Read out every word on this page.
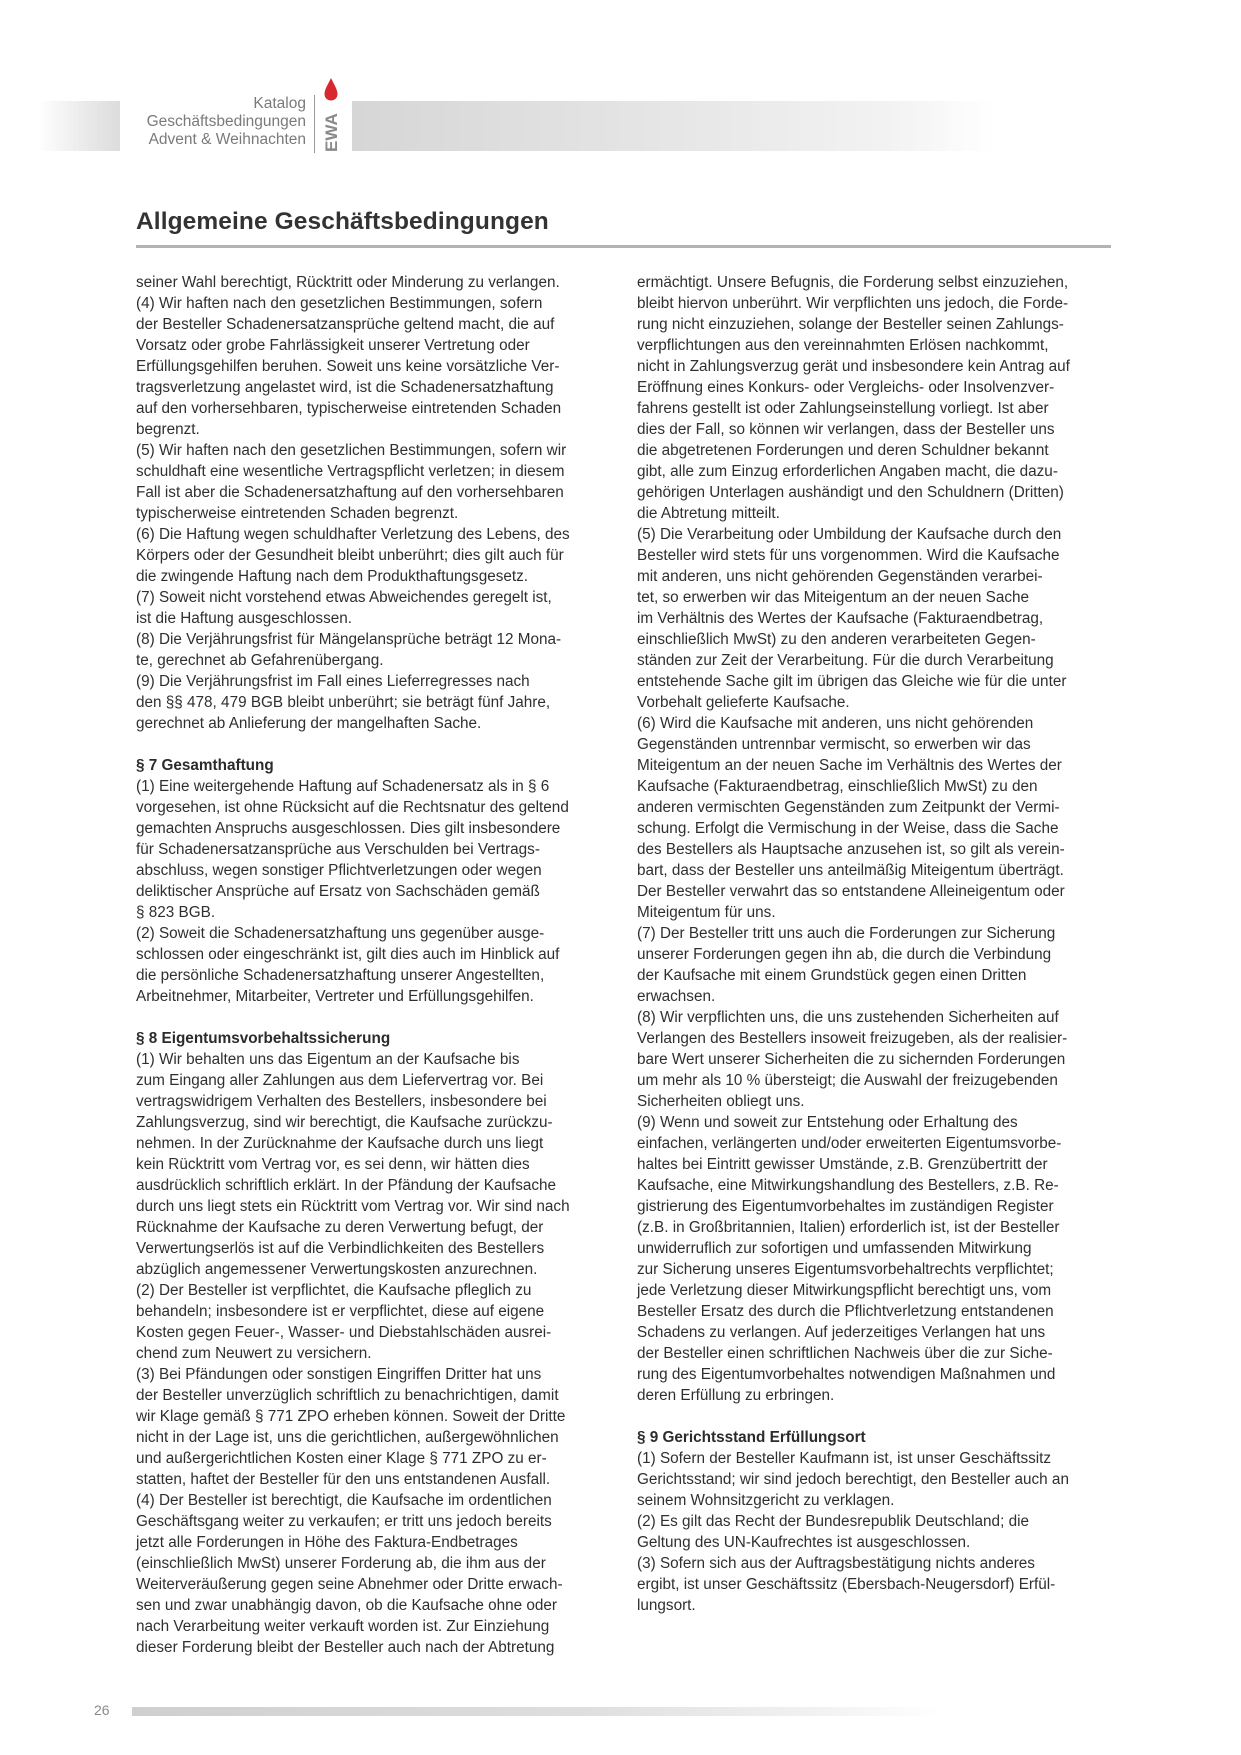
Katalog
Geschäftsbedingungen
Advent & Weihnachten EWA
Allgemeine Geschäftsbedingungen

seiner Wahl berechtigt, Rücktritt oder Minderung zu verlangen.

(4) Wir haften nach den gesetzlichen Bestimmungen, sofern

der Besteller Schadenersatzansprüche geltend macht, die auf

Vorsatz oder grobe Fahrlässigkeit unserer Vertretung oder

Erfüllungsgehilfen beruhen. Soweit uns keine vorsätzliche Ver-

tragsverletzung angelastet wird, ist die Schadenersatzhaftung

auf den vorhersehbaren, typischerweise eintretenden Schaden

begrenzt.

(5) Wir haften nach den gesetzlichen Bestimmungen, sofern wir

schuldhaft eine wesentliche Vertragspflicht verletzen; in diesem

Fall ist aber die Schadenersatzhaftung auf den vorhersehbaren

typischerweise eintretenden Schaden begrenzt.

(6) Die Haftung wegen schuldhafter Verletzung des Lebens, des

Körpers oder der Gesundheit bleibt unberührt; dies gilt auch für

die zwingende Haftung nach dem Produkthaftungsgesetz.

(7) Soweit nicht vorstehend etwas Abweichendes geregelt ist,

ist die Haftung ausgeschlossen.

(8) Die Verjährungsfrist für Mängelansprüche beträgt 12 Mona-

te, gerechnet ab Gefahrenübergang.

(9) Die Verjährungsfrist im Fall eines Lieferregresses nach

den §§ 478, 479 BGB bleibt unberührt; sie beträgt fünf Jahre,

gerechnet ab Anlieferung der mangelhaften Sache.

§ 7 Gesamthaftung

(1) Eine weitergehende Haftung auf Schadenersatz als in § 6

vorgesehen, ist ohne Rücksicht auf die Rechtsnatur des geltend

gemachten Anspruchs ausgeschlossen. Dies gilt insbesondere

für Schadenersatzansprüche aus Verschulden bei Vertrags-

abschluss, wegen sonstiger Pflichtverletzungen oder wegen

deliktischer Ansprüche auf Ersatz von Sachschäden gemäß

§ 823 BGB.

(2) Soweit die Schadenersatzhaftung uns gegenüber ausge-

schlossen oder eingeschränkt ist, gilt dies auch im Hinblick auf

die persönliche Schadenersatzhaftung unserer Angestellten,

Arbeitnehmer, Mitarbeiter, Vertreter und Erfüllungsgehilfen.

§ 8 Eigentumsvorbehaltssicherung

(1) Wir behalten uns das Eigentum an der Kaufsache bis

zum Eingang aller Zahlungen aus dem Liefervertrag vor. Bei

vertragswidrigem Verhalten des Bestellers, insbesondere bei

Zahlungsverzug, sind wir berechtigt, die Kaufsache zurückzu-

nehmen. In der Zurücknahme der Kaufsache durch uns liegt

kein Rücktritt vom Vertrag vor, es sei denn, wir hätten dies

ausdrücklich schriftlich erklärt. In der Pfändung der Kaufsache

durch uns liegt stets ein Rücktritt vom Vertrag vor. Wir sind nach

Rücknahme der Kaufsache zu deren Verwertung befugt, der

Verwertungserlös ist auf die Verbindlichkeiten des Bestellers

abzüglich angemessener Verwertungskosten anzurechnen.

(2) Der Besteller ist verpflichtet, die Kaufsache pfleglich zu

behandeln; insbesondere ist er verpflichtet, diese auf eigene

Kosten gegen Feuer-, Wasser- und Diebstahlschäden ausrei-

chend zum Neuwert zu versichern.

(3) Bei Pfändungen oder sonstigen Eingriffen Dritter hat uns

der Besteller unverzüglich schriftlich zu benachrichtigen, damit

wir Klage gemäß § 771 ZPO erheben können. Soweit der Dritte

nicht in der Lage ist, uns die gerichtlichen, außergewöhnlichen

und außergerichtlichen Kosten einer Klage § 771 ZPO zu er-

statten, haftet der Besteller für den uns entstandenen Ausfall.

(4) Der Besteller ist berechtigt, die Kaufsache im ordentlichen

Geschäftsgang weiter zu verkaufen; er tritt uns jedoch bereits

jetzt alle Forderungen in Höhe des Faktura-Endbetrages

(einschließlich MwSt) unserer Forderung ab, die ihm aus der

Weiterveräußerung gegen seine Abnehmer oder Dritte erwach-

sen und zwar unabhängig davon, ob die Kaufsache ohne oder

nach Verarbeitung weiter verkauft worden ist. Zur Einziehung

dieser Forderung bleibt der Besteller auch nach der Abtretung

ermächtigt. Unsere Befugnis, die Forderung selbst einzuziehen,

bleibt hiervon unberührt. Wir verpflichten uns jedoch, die Forde-

rung nicht einzuziehen, solange der Besteller seinen Zahlungs-

verpflichtungen aus den vereinnahmten Erlösen nachkommt,

nicht in Zahlungsverzug gerät und insbesondere kein Antrag auf

Eröffnung eines Konkurs- oder Vergleichs- oder Insolvenzver-

fahrens gestellt ist oder Zahlungseinstellung vorliegt. Ist aber

dies der Fall, so können wir verlangen, dass der Besteller uns

die abgetretenen Forderungen und deren Schuldner bekannt

gibt, alle zum Einzug erforderlichen Angaben macht, die dazu-

gehörigen Unterlagen aushändigt und den Schuldnern (Dritten)

die Abtretung mitteilt.

(5) Die Verarbeitung oder Umbildung der Kaufsache durch den

Besteller wird stets für uns vorgenommen. Wird die Kaufsache

mit anderen, uns nicht gehörenden Gegenständen verarbei-

tet, so erwerben wir das Miteigentum an der neuen Sache

im Verhältnis des Wertes der Kaufsache (Fakturaendbetrag,

einschließlich MwSt) zu den anderen verarbeiteten Gegen-

ständen zur Zeit der Verarbeitung. Für die durch Verarbeitung

entstehende Sache gilt im übrigen das Gleiche wie für die unter

Vorbehalt gelieferte Kaufsache.

(6) Wird die Kaufsache mit anderen, uns nicht gehörenden

Gegenständen untrennbar vermischt, so erwerben wir das

Miteigentum an der neuen Sache im Verhältnis des Wertes der

Kaufsache (Fakturaendbetrag, einschließlich MwSt) zu den

anderen vermischten Gegenständen zum Zeitpunkt der Vermi-

schung. Erfolgt die Vermischung in der Weise, dass die Sache

des Bestellers als Hauptsache anzusehen ist, so gilt als verein-

bart, dass der Besteller uns anteilmäßig Miteigentum überträgt.

Der Besteller verwahrt das so entstandene Alleineigentum oder

Miteigentum für uns.

(7) Der Besteller tritt uns auch die Forderungen zur Sicherung

unserer Forderungen gegen ihn ab, die durch die Verbindung

der Kaufsache mit einem Grundstück gegen einen Dritten

erwachsen.

(8) Wir verpflichten uns, die uns zustehenden Sicherheiten auf

Verlangen des Bestellers insoweit freizugeben, als der realisier-

bare Wert unserer Sicherheiten die zu sichernden Forderungen

um mehr als 10 % übersteigt; die Auswahl der freizugebenden

Sicherheiten obliegt uns.

(9) Wenn und soweit zur Entstehung oder Erhaltung des

einfachen, verlängerten und/oder erweiterten Eigentumsvorbe-

haltes bei Eintritt gewisser Umstände, z.B. Grenzübertritt der

Kaufsache, eine Mitwirkungshandlung des Bestellers, z.B. Re-

gistrierung des Eigentumvorbehaltes im zuständigen Register

(z.B. in Großbritannien, Italien) erforderlich ist, ist der Besteller

unwiderruflich zur sofortigen und umfassenden Mitwirkung

zur Sicherung unseres Eigentumsvorbehaltrechts verpflichtet;

jede Verletzung dieser Mitwirkungspflicht berechtigt uns, vom

Besteller Ersatz des durch die Pflichtverletzung entstandenen

Schadens zu verlangen. Auf jederzeitiges Verlangen hat uns

der Besteller einen schriftlichen Nachweis über die zur Siche-

rung des Eigentumvorbehaltes notwendigen Maßnahmen und

deren Erfüllung zu erbringen.

§ 9 Gerichtsstand Erfüllungsort

(1) Sofern der Besteller Kaufmann ist, ist unser Geschäftssitz

Gerichtsstand; wir sind jedoch berechtigt, den Besteller auch an

seinem Wohnsitzgericht zu verklagen.

(2) Es gilt das Recht der Bundesrepublik Deutschland; die

Geltung des UN-Kaufrechtes ist ausgeschlossen.

(3) Sofern sich aus der Auftragsbestätigung nichts anderes

ergibt, ist unser Geschäftssitz (Ebersbach-Neugersdorf) Erfül-

lungsort.

26
